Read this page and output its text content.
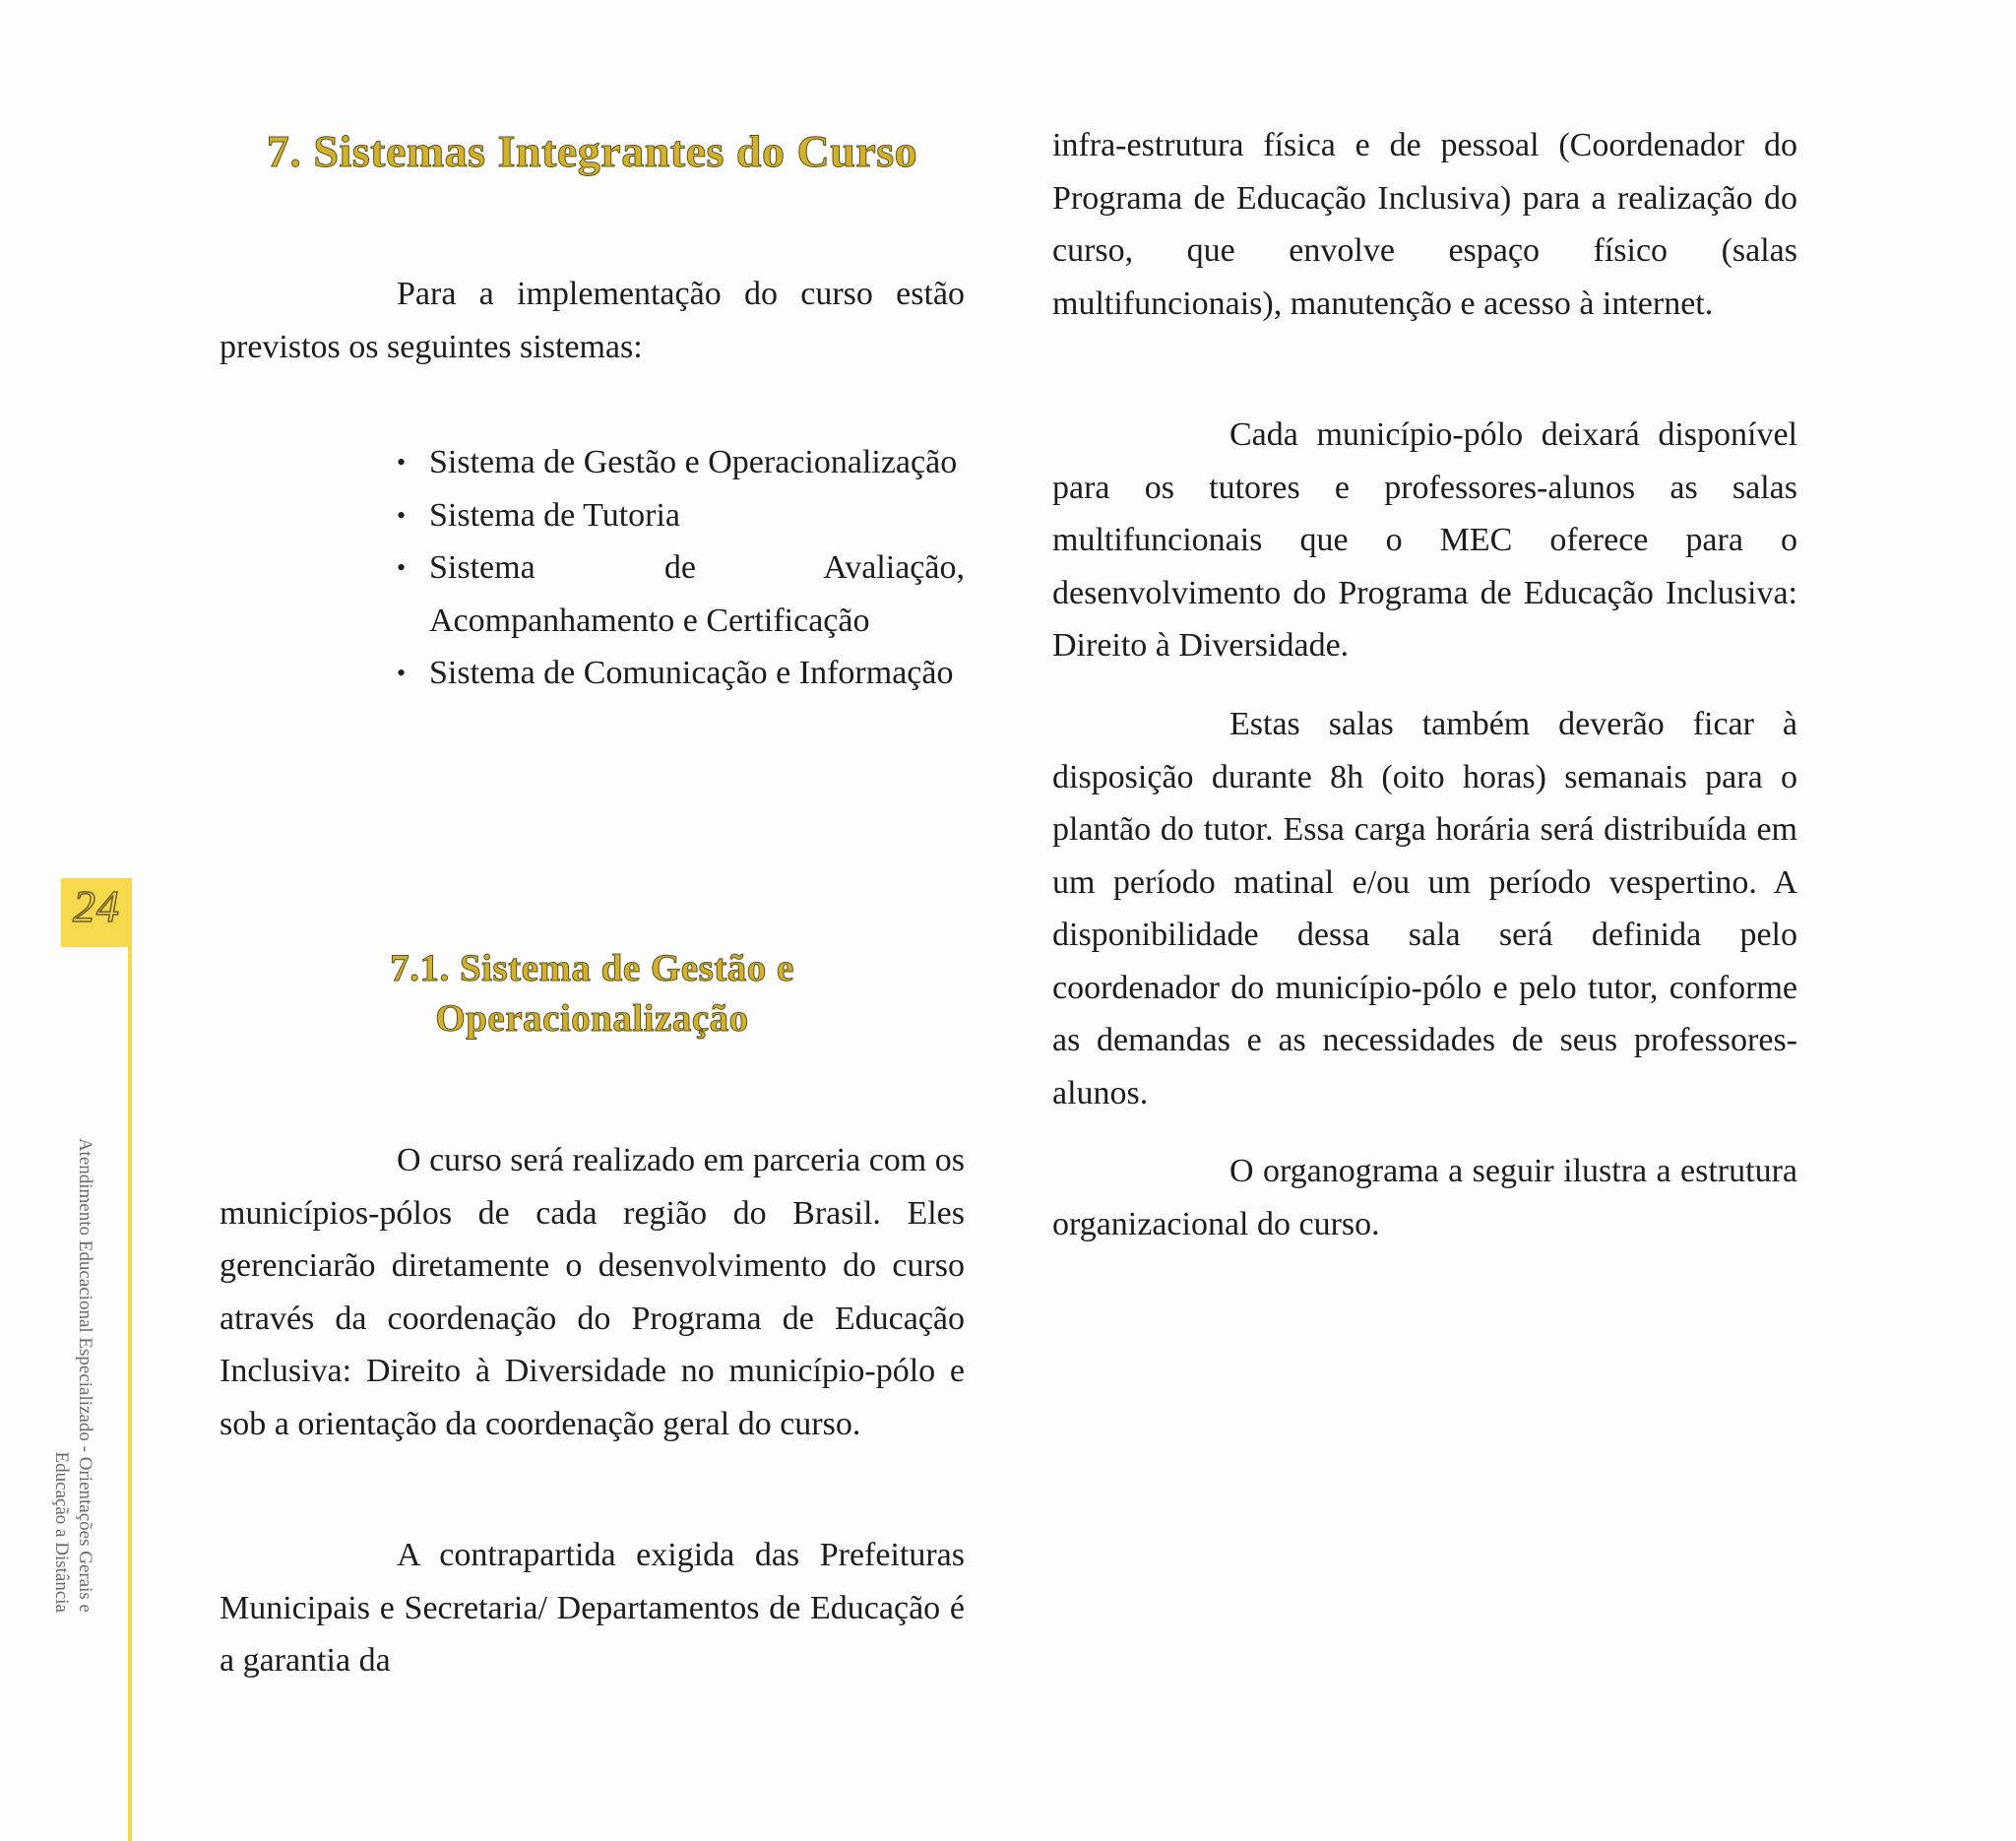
24
Atendimento Educacional Especializado - Orientações Gerais e
Educação a Distância
7. Sistemas Integrantes do Curso

Para a implementação do curso estão previstos os seguintes sistemas:

• Sistema de Gestão e Operacionalização
• Sistema de Tutoria
• Sistema de Avaliação, Acompanhamento e Certificação
• Sistema de Comunicação e Informação
7.1. Sistema de Gestão e
Operacionalização

O curso será realizado em parceria com os municípios-pólos de cada região do Brasil. Eles gerenciarão diretamente o desenvolvimento do curso através da coordenação do Programa de Educação Inclusiva: Direito à Diversidade no município-pólo e sob a orientação da coordenação geral do curso.

A contrapartida exigida das Prefeituras Municipais e Secretaria/ Departamentos de Educação é a garantia da

infra-estrutura física e de pessoal (Coordenador do Programa de Educação Inclusiva) para a realização do curso, que envolve espaço físico (salas multifuncionais), manutenção e acesso à internet.

Cada município-pólo deixará disponível para os tutores e professores-alunos as salas multifuncionais que o MEC oferece para o desenvolvimento do Programa de Educação Inclusiva: Direito à Diversidade.

Estas salas também deverão ficar à disposição durante 8h (oito horas) semanais para o plantão do tutor. Essa carga horária será distribuída em um período matinal e/ou um período vespertino. A disponibilidade dessa sala será definida pelo coordenador do município-pólo e pelo tutor, conforme as demandas e as necessidades de seus professores-alunos.

O organograma a seguir ilustra a estrutura organizacional do curso.
